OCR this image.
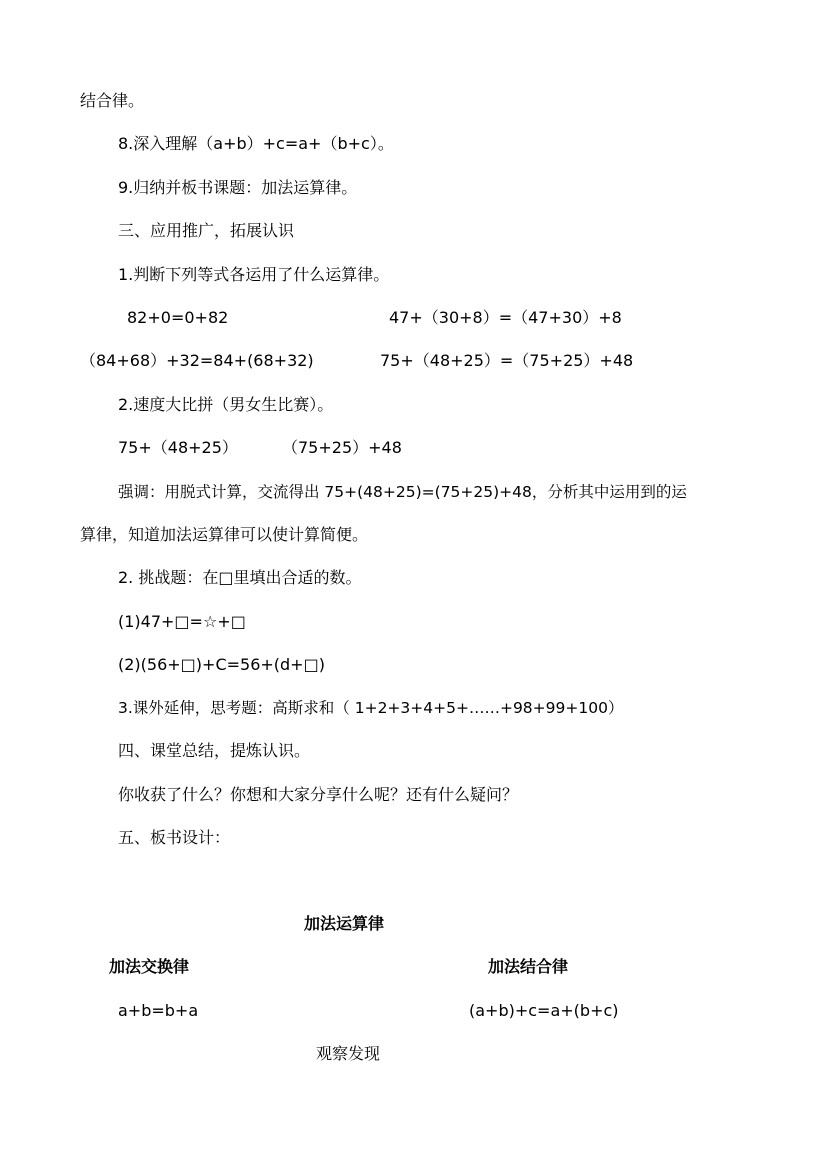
结合律。
8.深入理解（a+b）+c=a+（b+c）。
9.归纳并板书课题：加法运算律。
三、应用推广，拓展认识
1.判断下列等式各运用了什么运算律。
82+0=0+82	47+（30+8）=（47+30）+8
（84+68）+32=84+(68+32)	75+（48+25）=（75+25）+48
2.速度大比拼（男女生比赛）。
75+（48+25）	（75+25）+48
强调：用脱式计算，交流得出 75+(48+25)=(75+25)+48，分析其中运用到的运
算律，知道加法运算律可以使计算简便。
2. 挑战题：在□里填出合适的数。
(1)47+□=☆+□
(2)(56+□)+C=56+(d+□)
3.课外延伸，思考题：高斯求和（ 1+2+3+4+5+……+98+99+100）
四、课堂总结，提炼认识。
你收获了什么？你想和大家分享什么呢？还有什么疑问？
五、板书设计：
加法运算律
加法交换律	加法结合律
a+b=b+a	(a+b)+c=a+(b+c)
观察发现
